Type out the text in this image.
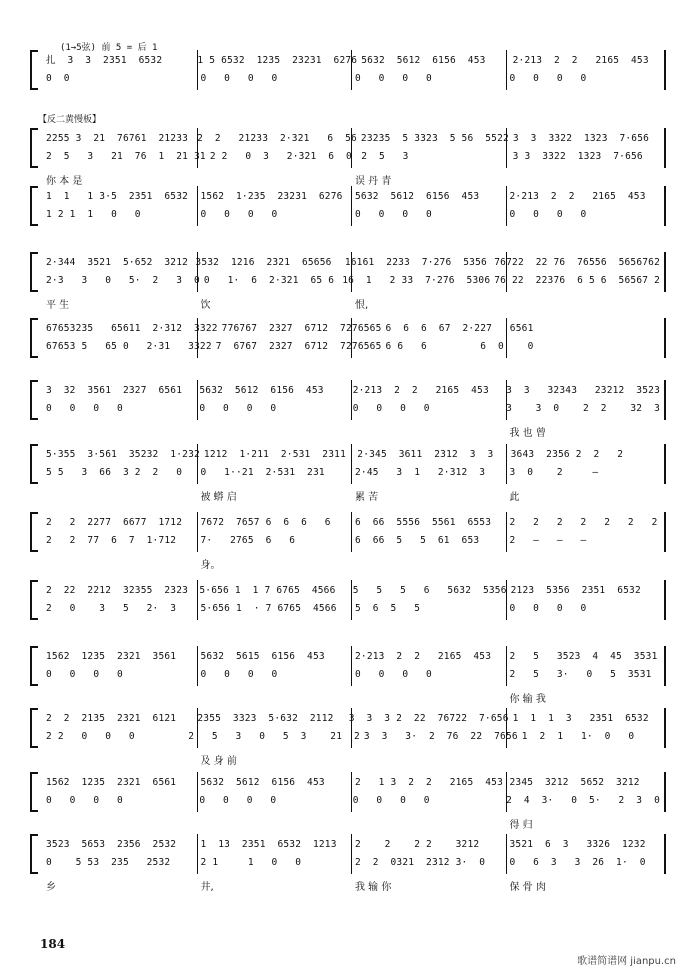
(1→5弦) 前 5 = 后 1
【反二黄慢板】
184
歌谱简谱网 jianpu.cn
扎  3  3  2351  6532	1 5 6532  1235  23231  6276 5632  5612  6156  453	2·213  2  2   2165  453
0  0	0   0   0   0	0   0   0   0	0   0   0   0
2255 3  21  76761  21233 2  2   21233  2·321   6  56 23235  5 3323  5 56  5522 3  3  3322  1323  7·656
2  5   3   21  76  1  21 31 2 2   0  3   2·321  6  0 2  5   3	3 3  3322  1323  7·656
你 本 是	误 丹 青
1  1   1 3·5  2351  6532	1562  1·235  23231  6276	5632  5612  6156  453	2·213  2  2   2165  453
1 2 1  1   0   0	0   0   0   0	0   0   0   0	0   0   0   0
2·344  3521  5·652  3212 3532  1216  2321  65656	16161  2233  7·276  5356 76722  22 76  76556  5656762
2·3   3   0   5·  2   3  0 0   1·  6  2·321  65 6 16  1   2 33  7·276  5306 76 22  22376  6 5 6  56567 2
平 生	饮	恨,
67653235   65611  2·312  3322 776767  2327  6712  7276565 6  6  6  67  2·227   6561
67653 5   65 0   2·31   3322 7  6767  2327  6712  7276565 6 6   6         6  0    0
3  32  3561  2327  6561	5632  5612  6156  453	2·213  2  2   2165  453	3  3   32343   23212  3523
0   0   0   0	0   0   0   0	0   0   0   0	3    3  0    2  2    32  3
我 也 曾
5·355  3·561  35232  1·232 1212  1·211  2·531  2311	2·345  3611  2312  3  3	3643  2356 2  2   2
5 5   3  66  3 2  2   0	0   1··21  2·531  231	2·45   3  1   2·312  3	3  0    2     —
被 蟒 启	累 苦	此
2   2  2277  6677  1712	7672  7657 6  6  6   6	6  66  5556  5561  6553	2   2   2   2   2   2   2
2   2  77  6  7  1·712	7·   2765  6   6	6  66  5   5  61  653	2   —   —   —
身。
2  22  2212  32355  2323	5·656 1  1 7 6765  4566	5   5   5   6   5632  5356 2123  5356  2351  6532
2   0    3   5   2·  3	5·656 1  · 7 6765  4566	5  6  5   5	0   0   0   0
1562  1235  2321  3561	5632  5615  6156  453	2·213  2  2   2165  453	2   5   3523  4  45  3531
0   0   0   0	0   0   0   0	0   0   0   0	2   5   3·   0   5  3531
你 输 我
2  2  2135  2321  6121	2355  3323  5·632  2112	3  3  3 2  22  76722  7·656 1  1  1  3   2351  6532
2 2   0   0   0	2   5   3   0   5  3    21  2 3  3   3·  2  76  22  7656 1  2  1   1·  0   0
及 身 前
1562  1235  2321  6561	5632  5612  6156  453	2   1 3  2  2   2165  453 2345  3212  5652  3212
0   0   0   0	0   0   0   0	0   0   0   0	2  4  3·   0  5·   2  3  0
得 归
3523  5653  2356  2532	1  13  2351  6532  1213	2    2    2 2    3212	3521  6  3   3326  1232
0    5 53  235   2532	2 1     1   0   0	2  2  0321  2312 3·  0	0   6  3   3  26  1·  0
乡	井,	我 输 你	保 骨 肉
